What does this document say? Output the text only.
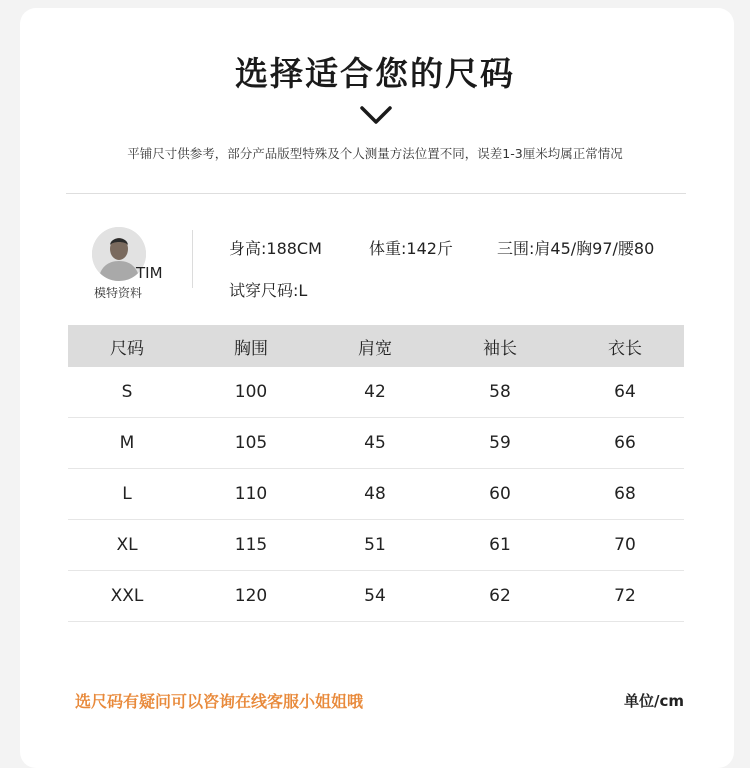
选择适合您的尺码
平铺尺寸供参考，部分产品版型特殊及个人测量方法位置不同，误差1-3厘米均属正常情况
TIM
模特资料
身高:188CM	体重:142斤	三围:肩45/胸97/腰80
试穿尺码:L
尺码	胸围	肩宽	袖长	衣长
S	100	42	58	64
M	105	45	59	66
L	110	48	60	68
XL	115	51	61	70
XXL	120	54	62	72
选尺码有疑问可以咨询在线客服小姐姐哦	单位/cm
